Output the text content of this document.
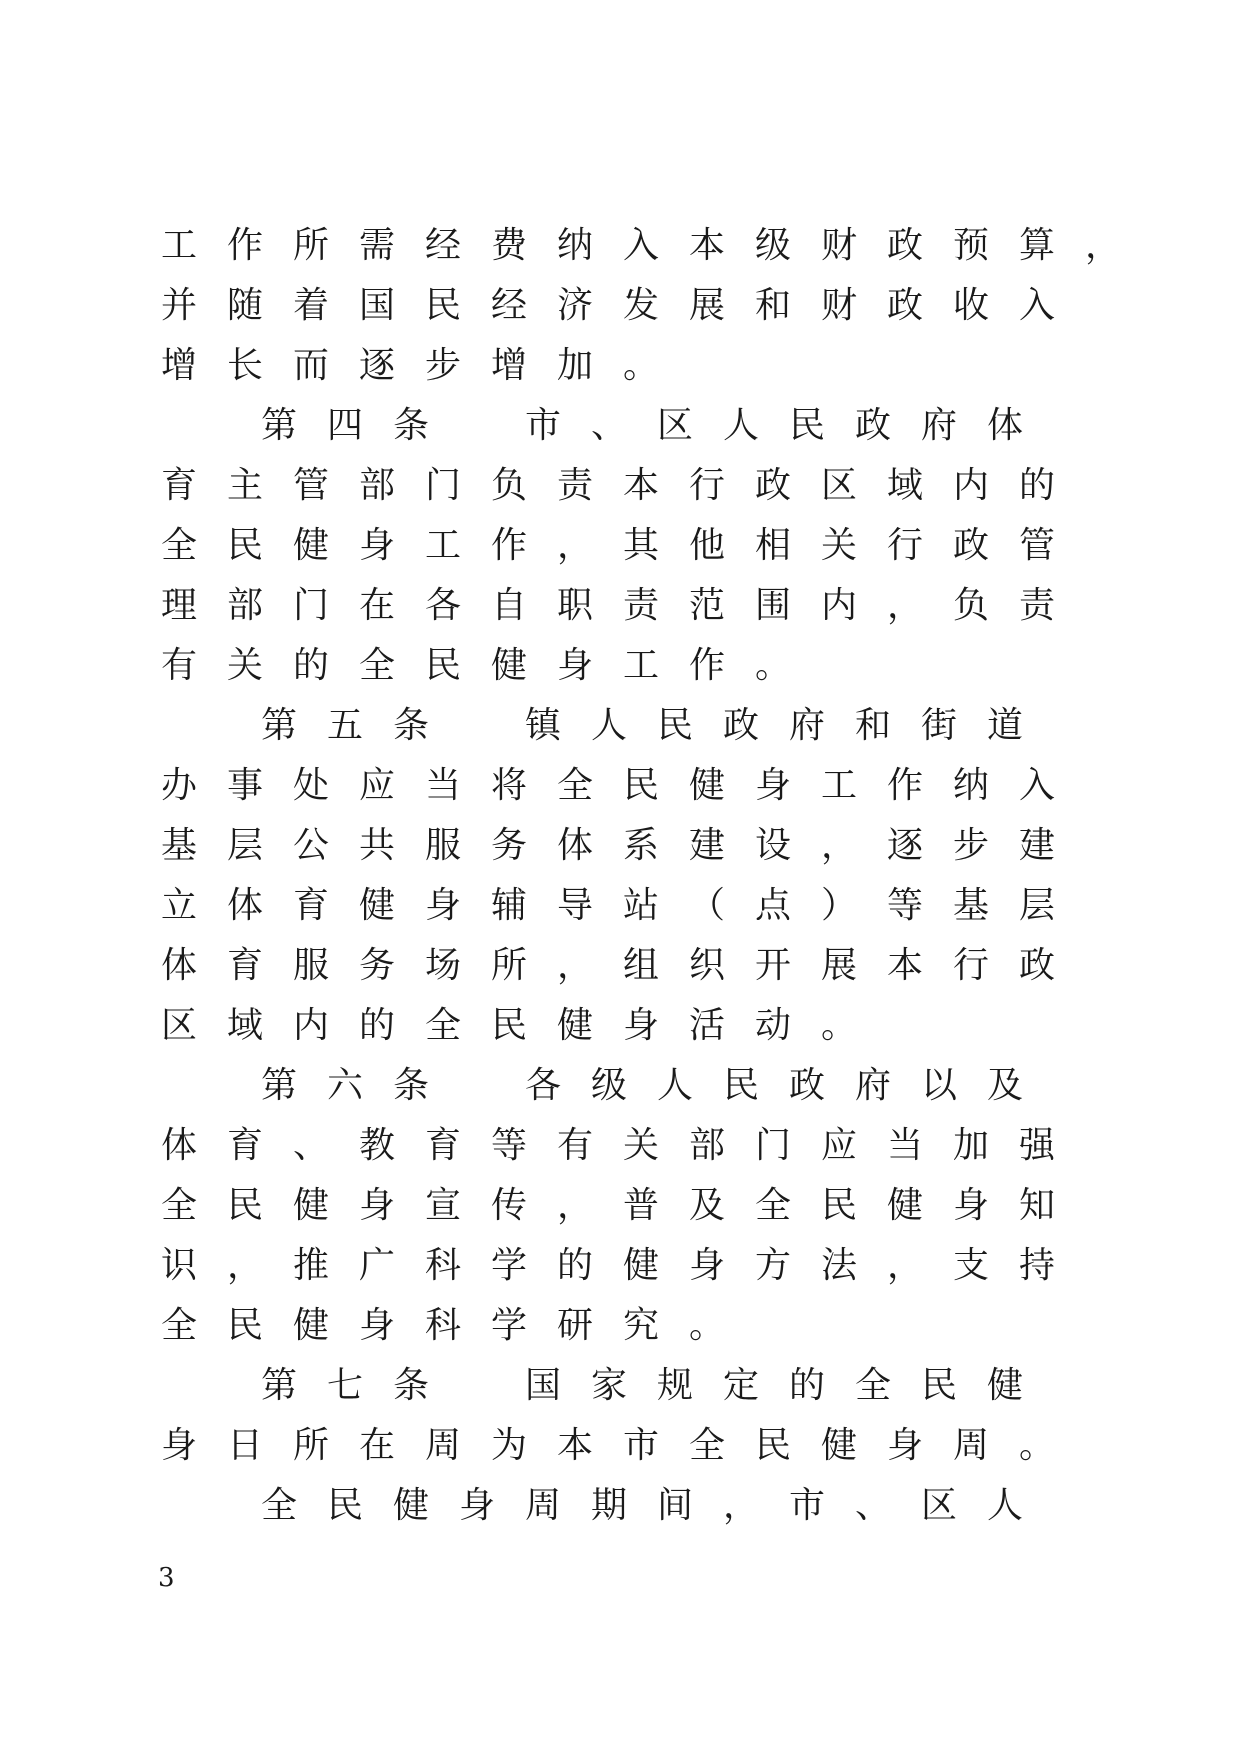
工作所需经费纳入本级财政预算，
并随着国民经济发展和财政收入
增长而逐步增加。
第四条　市、区人民政府体
育主管部门负责本行政区域内的
全民健身工作，其他相关行政管
理部门在各自职责范围内，负责
有关的全民健身工作。
第五条　镇人民政府和街道
办事处应当将全民健身工作纳入
基层公共服务体系建设，逐步建
立体育健身辅导站（点）等基层
体育服务场所，组织开展本行政
区域内的全民健身活动。
第六条　各级人民政府以及
体育、教育等有关部门应当加强
全民健身宣传，普及全民健身知
识，推广科学的健身方法，支持
全民健身科学研究。
第七条　国家规定的全民健
身日所在周为本市全民健身周。
全民健身周期间，市、区人
3
